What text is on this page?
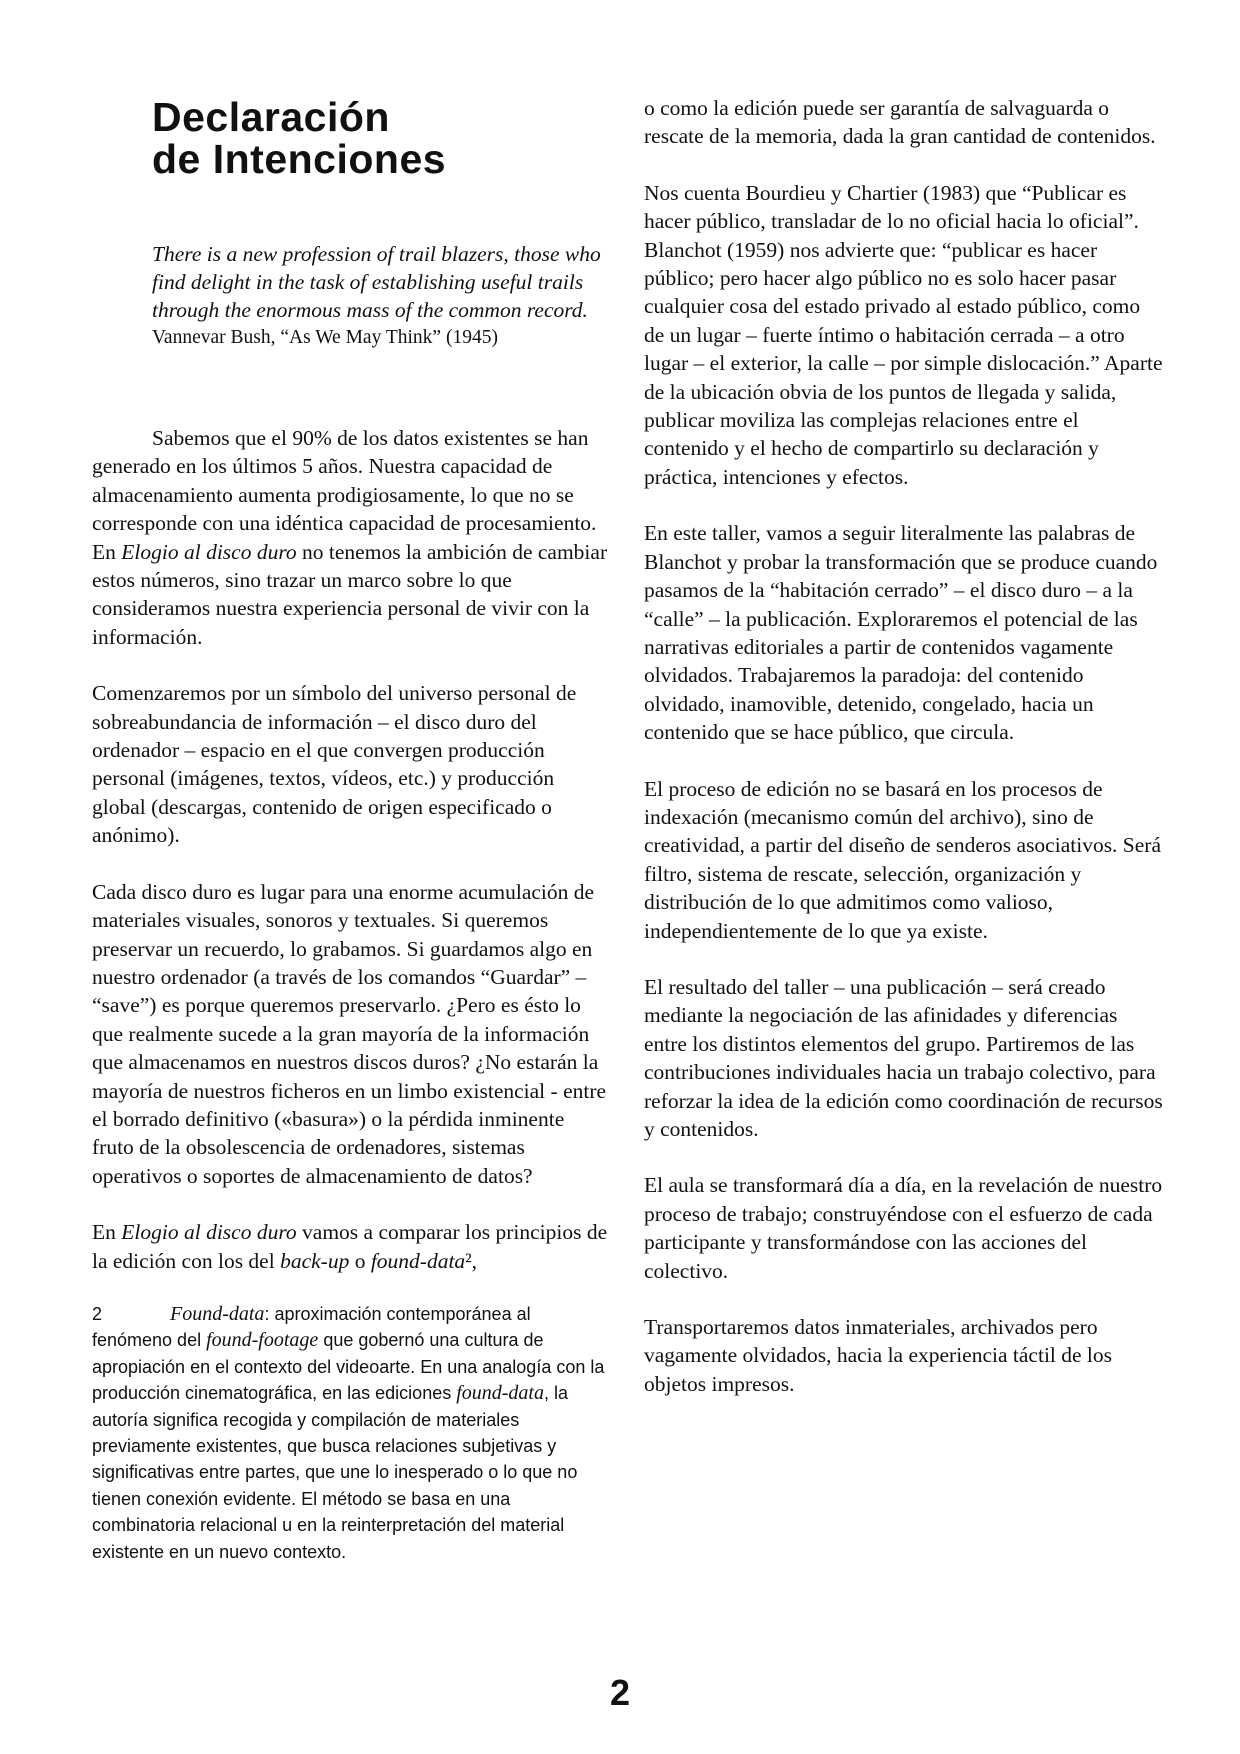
Declaración
de Intenciones
There is a new profession of trail blazers, those who find delight in the task of establishing useful trails through the enormous mass of the common record.
Vannevar Bush, “As We May Think” (1945)

Sabemos que el 90% de los datos existentes se han generado en los últimos 5 años. Nuestra capacidad de almacenamiento aumenta prodigiosamente, lo que no se corresponde con una idéntica capacidad de procesamiento. En Elogio al disco duro no tenemos la ambición de cambiar estos números, sino trazar un marco sobre lo que consideramos nuestra experiencia personal de vivir con la información.

Comenzaremos por un símbolo del universo personal de sobreabundancia de información – el disco duro del ordenador – espacio en el que convergen producción personal (imágenes, textos, vídeos, etc.) y producción global (descargas, contenido de origen especificado o anónimo).

Cada disco duro es lugar para una enorme acumulación de materiales visuales, sonoros y textuales. Si queremos preservar un recuerdo, lo grabamos. Si guardamos algo en nuestro ordenador (a través de los comandos “Guardar” – “save”) es porque queremos preservarlo. ¿Pero es ésto lo que realmente sucede a la gran mayoría de la información que almacenamos en nuestros discos duros? ¿No estarán la mayoría de nuestros ficheros en un limbo existencial - entre el borrado definitivo («basura») o la pérdida inminente fruto de la obsolescencia de ordenadores, sistemas operativos o soportes de almacenamiento de datos?

En Elogio al disco duro vamos a comparar los principios de la edición con los del back-up o found-data²,

2	Found-data: aproximación contemporánea al fenómeno del found-footage que gobernó una cultura de apropiación en el contexto del videoarte. En una analogía con la producción cinematográfica, en las ediciones found-data, la autoría significa recogida y compilación de materiales previamente existentes, que busca relaciones subjetivas y significativas entre partes, que une lo inesperado o lo que no tienen conexión evidente. El método se basa en una combinatoria relacional u en la reinterpretación del material existente en un nuevo contexto.

o como la edición puede ser garantía de salvaguarda o rescate de la memoria, dada la gran cantidad de contenidos.

Nos cuenta Bourdieu y Chartier (1983) que “Publicar es hacer público, transladar de lo no oficial hacia lo oficial”. Blanchot (1959) nos advierte que: “publicar es hacer público; pero hacer algo público no es solo hacer pasar cualquier cosa del estado privado al estado público, como de un lugar – fuerte íntimo o habitación cerrada – a otro lugar – el exterior, la calle – por simple dislocación.” Aparte de la ubicación obvia de los puntos de llegada y salida, publicar moviliza las complejas relaciones entre el contenido y el hecho de compartirlo su declaración y práctica, intenciones y efectos.

En este taller, vamos a seguir literalmente las palabras de Blanchot y probar la transformación que se produce cuando pasamos de la “habitación cerrado” – el disco duro – a la “calle” – la publicación. Exploraremos el potencial de las narrativas editoriales a partir de contenidos vagamente olvidados. Trabajaremos la paradoja: del contenido olvidado, inamovible, detenido, congelado, hacia un contenido que se hace público, que circula.

El proceso de edición no se basará en los procesos de indexación (mecanismo común del archivo), sino de creatividad, a partir del diseño de senderos asociativos. Será filtro, sistema de rescate, selección, organización y distribución de lo que admitimos como valioso, independientemente de lo que ya existe.

El resultado del taller – una publicación – será creado mediante la negociación de las afinidades y diferencias entre los distintos elementos del grupo. Partiremos de las contribuciones individuales hacia un trabajo colectivo, para reforzar la idea de la edición como coordinación de recursos y contenidos.

El aula se transformará día a día, en la revelación de nuestro proceso de trabajo; construyéndose con el esfuerzo de cada participante y transformándose con las acciones del colectivo.

Transportaremos datos inmateriales, archivados pero vagamente olvidados, hacia la experiencia táctil de los objetos impresos.

2
